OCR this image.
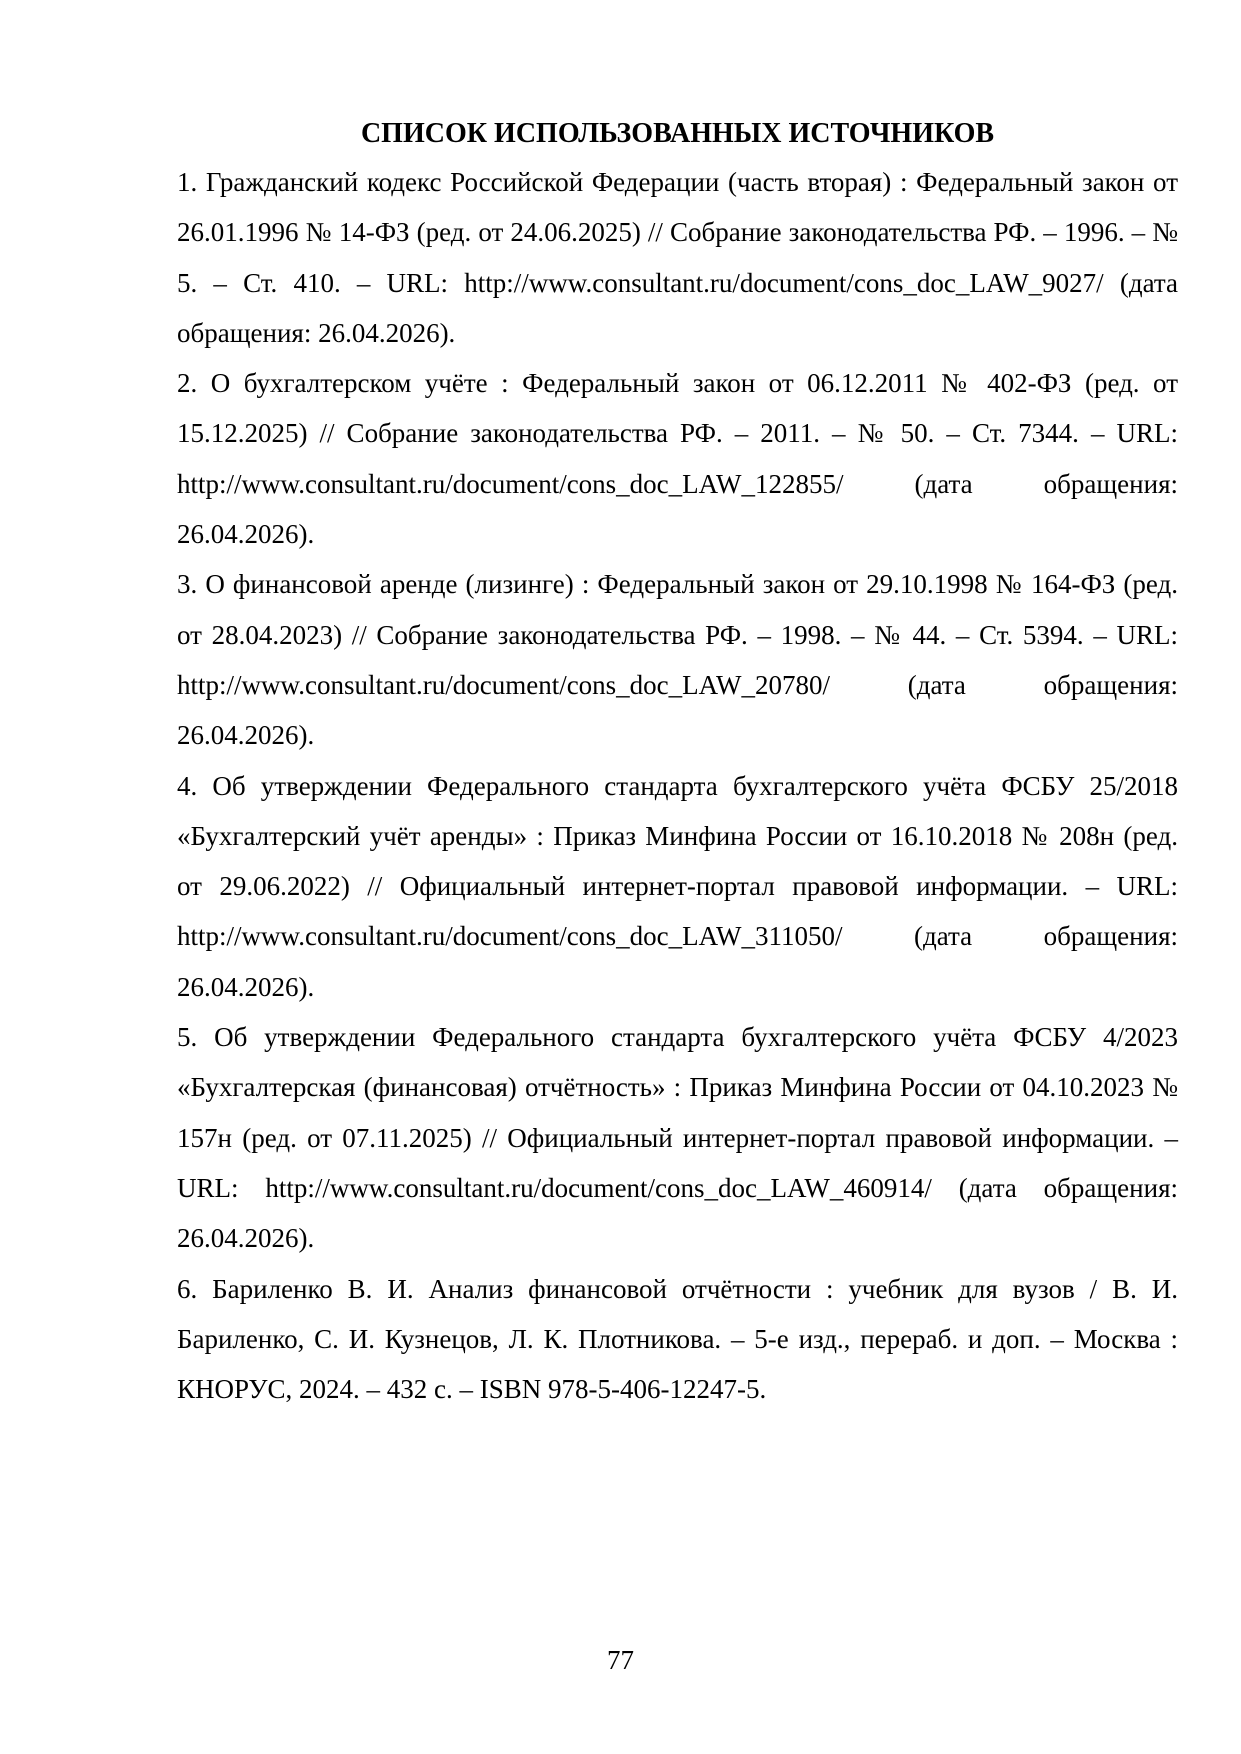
СПИСОК ИСПОЛЬЗОВАННЫХ ИСТОЧНИКОВ
1. Гражданский кодекс Российской Федерации (часть вторая) : Федеральный закон от 26.01.1996 № 14-ФЗ (ред. от 24.06.2025) // Собрание законодательства РФ. – 1996. – № 5. – Ст. 410. – URL: http://www.consultant.ru/document/cons_doc_LAW_9027/ (дата обращения: 26.04.2026).
2. О бухгалтерском учёте : Федеральный закон от 06.12.2011 № 402-ФЗ (ред. от 15.12.2025) // Собрание законодательства РФ. – 2011. – № 50. – Ст. 7344. – URL: http://www.consultant.ru/document/cons_doc_LAW_122855/ (дата обращения: 26.04.2026).
3. О финансовой аренде (лизинге) : Федеральный закон от 29.10.1998 № 164-ФЗ (ред. от 28.04.2023) // Собрание законодательства РФ. – 1998. – № 44. – Ст. 5394. – URL: http://www.consultant.ru/document/cons_doc_LAW_20780/ (дата обращения: 26.04.2026).
4. Об утверждении Федерального стандарта бухгалтерского учёта ФСБУ 25/2018 «Бухгалтерский учёт аренды» : Приказ Минфина России от 16.10.2018 № 208н (ред. от 29.06.2022) // Официальный интернет-портал правовой информации. – URL: http://www.consultant.ru/document/cons_doc_LAW_311050/ (дата обращения: 26.04.2026).
5. Об утверждении Федерального стандарта бухгалтерского учёта ФСБУ 4/2023 «Бухгалтерская (финансовая) отчётность» : Приказ Минфина России от 04.10.2023 № 157н (ред. от 07.11.2025) // Официальный интернет-портал правовой информации. – URL: http://www.consultant.ru/document/cons_doc_LAW_460914/ (дата обращения: 26.04.2026).
6. Бариленко В. И. Анализ финансовой отчётности : учебник для вузов / В. И. Бариленко, С. И. Кузнецов, Л. К. Плотникова. – 5-е изд., перераб. и доп. – Москва : КНОРУС, 2024. – 432 с. – ISBN 978-5-406-12247-5.
77
